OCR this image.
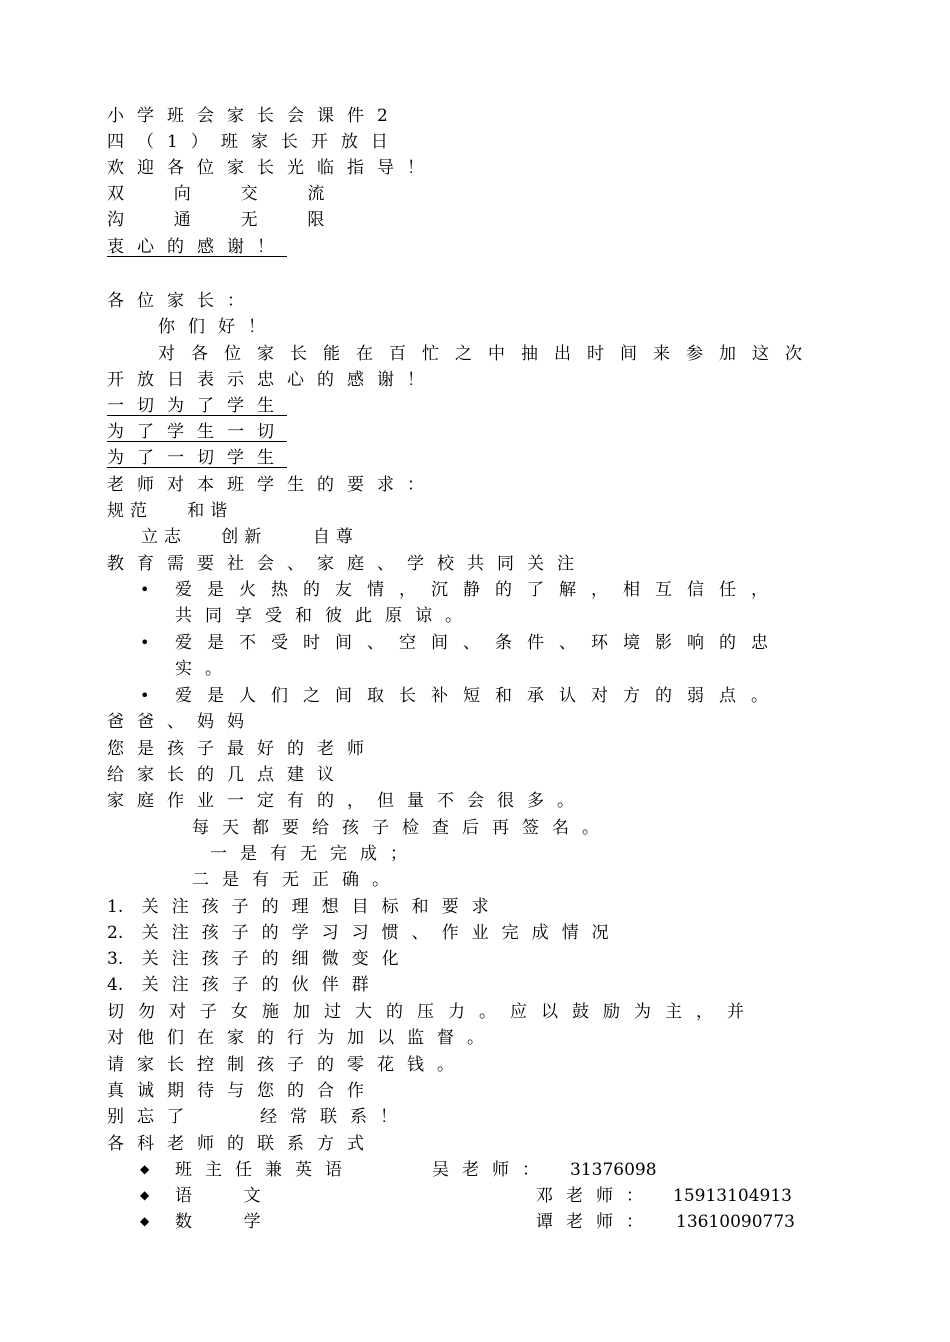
小学班会家长会课件2
四（1）班家长开放日
欢迎各位家长光临指导！
双  向  交  流
沟  通  无  限
衷心的感谢！
各位家长：
你们好！
对各位家长能在百忙之中抽出时间来参加这次
开放日表示忠心的感谢！
一切为了学生
为了学生一切
为了一切学生
老师对本班学生的要求：
规范   和谐
立志   创新    自尊
教育需要社会、家庭、学校共同关注
• 爱是火热的友情，沉静的了解，相互信任，
共同享受和彼此原谅。
• 爱是不受时间、空间、条件、环境影响的忠
实。
• 爱是人们之间取长补短和承认对方的弱点。
爸爸、妈妈
您是孩子最好的老师
给家长的几点建议
家庭作业一定有的，但量不会很多。
每天都要给孩子检查后再签名。
一是有无完成；
二是有无正确。
1. 关注孩子的理想目标和要求
2. 关注孩子的学习习惯、作业完成情况
3. 关注孩子的细微变化
4. 关注孩子的伙伴群
切勿对子女施加过大的压力。应以鼓励为主，并
对他们在家的行为加以监督。
请家长控制孩子的零花钱。
真诚期待与您的合作
别忘了	经常联系！
各科老师的联系方式
◆ 班主任兼英语	吴老师： 31376098
◆ 语    文	邓老师： 15913104913
◆ 数    学	谭老师： 13610090773
